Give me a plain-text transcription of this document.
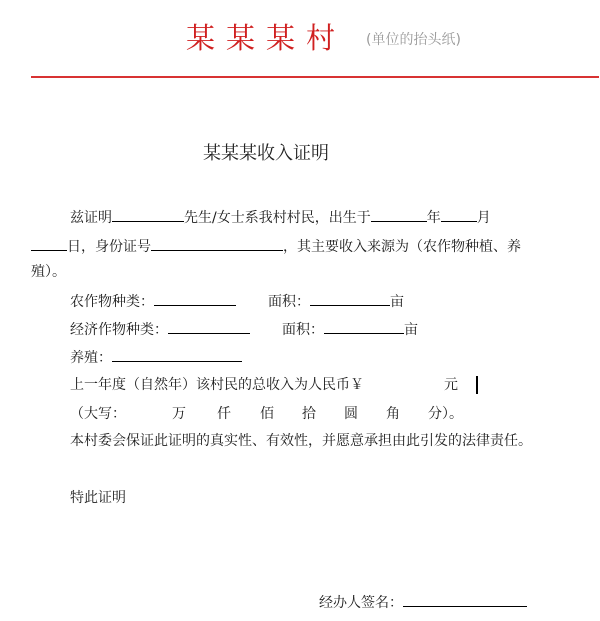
某某某村 (单位的抬头纸)
某某某收入证明
兹证明	先生/女士系我村村民，出生于	年	月
日，身份证号	，其主要收入来源为（农作物种植、养
殖）。
农作物种类：	面积：	亩
经济作物种类：	面积：	亩
养殖：
上一年度（自然年）该村民的总收入为人民币￥	元
（大写：	万 仟 佰 拾 圆 角 分）。
本村委会保证此证明的真实性、有效性，并愿意承担由此引发的法律责任。
特此证明
经办人签名：
